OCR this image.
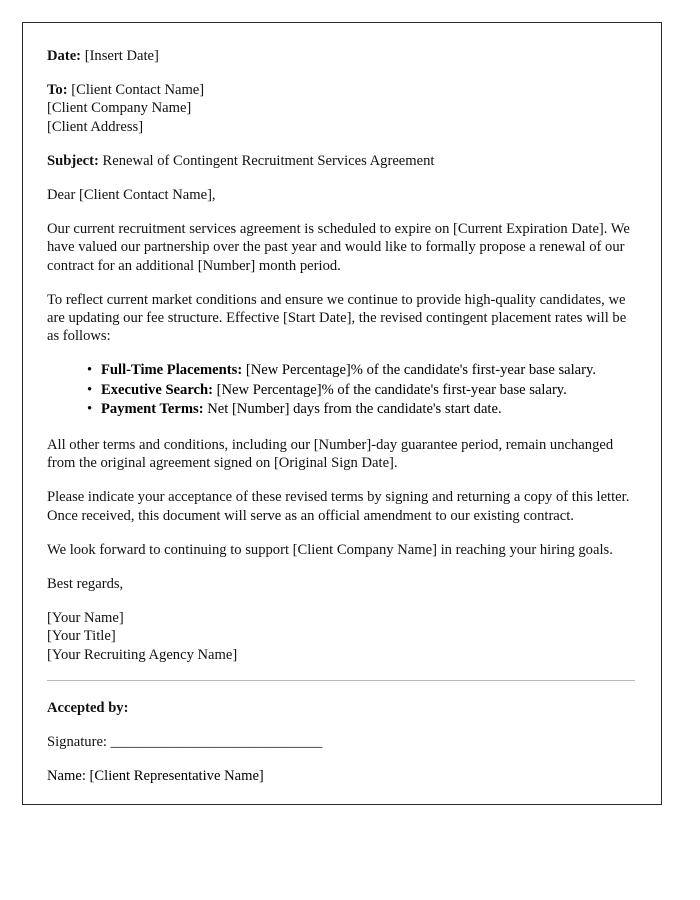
Date: [Insert Date]
To: [Client Contact Name]
[Client Company Name]
[Client Address]
Subject: Renewal of Contingent Recruitment Services Agreement

Dear [Client Contact Name],

Our current recruitment services agreement is scheduled to expire on [Current Expiration Date]. We have valued our partnership over the past year and would like to formally propose a renewal of our contract for an additional [Number] month period.

To reflect current market conditions and ensure we continue to provide high-quality candidates, we are updating our fee structure. Effective [Start Date], the revised contingent placement rates will be as follows:

• Full-Time Placements: [New Percentage]% of the candidate's first-year base salary.
• Executive Search: [New Percentage]% of the candidate's first-year base salary.
• Payment Terms: Net [Number] days from the candidate's start date.

All other terms and conditions, including our [Number]-day guarantee period, remain unchanged from the original agreement signed on [Original Sign Date].

Please indicate your acceptance of these revised terms by signing and returning a copy of this letter. Once received, this document will serve as an official amendment to our existing contract.

We look forward to continuing to support [Client Company Name] in reaching your hiring goals.

Best regards,

[Your Name]
[Your Title]
[Your Recruiting Agency Name]
Accepted by:
Signature: _____________________________
Name: [Client Representative Name]
